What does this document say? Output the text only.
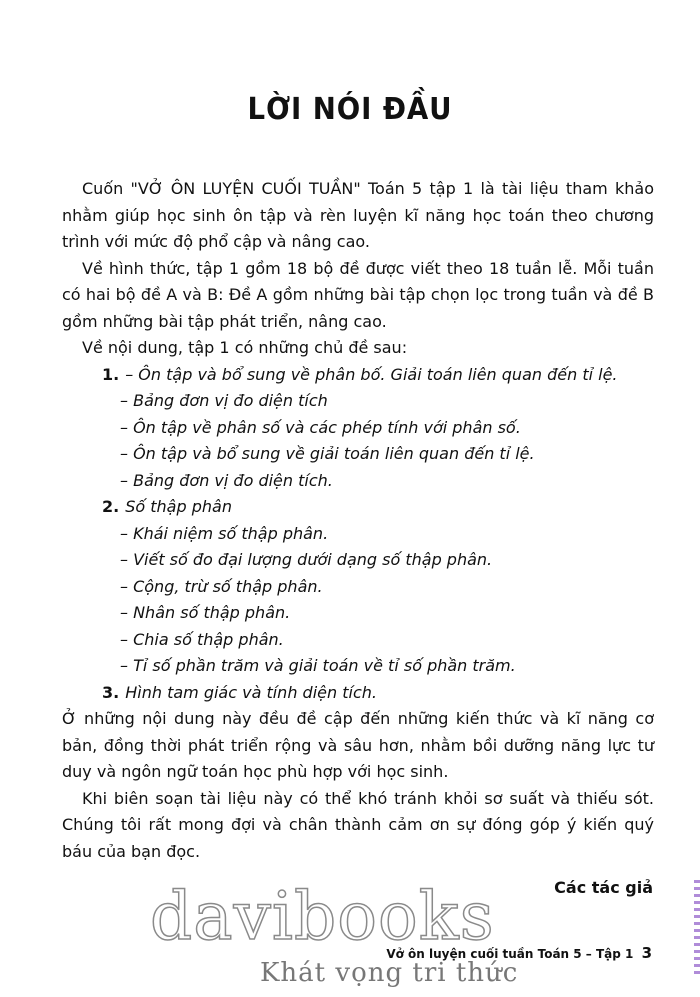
LỜI NÓI ĐẦU

Cuốn "VỞ ÔN LUYỆN CUỐI TUẦN" Toán 5 tập 1 là tài liệu tham khảo nhằm giúp học sinh ôn tập và rèn luyện kĩ năng học toán theo chương trình với mức độ phổ cập và nâng cao.

Về hình thức, tập 1 gồm 18 bộ đề được viết theo 18 tuần lễ. Mỗi tuần có hai bộ đề A và B: Đề A gồm những bài tập chọn lọc trong tuần và đề B gồm những bài tập phát triển, nâng cao.

Về nội dung, tập 1 có những chủ đề sau:

1. – Ôn tập và bổ sung về phân bố. Giải toán liên quan đến tỉ lệ.

– Bảng đơn vị đo diện tích

– Ôn tập về phân số và các phép tính với phân số.

– Ôn tập và bổ sung về giải toán liên quan đến tỉ lệ.

– Bảng đơn vị đo diện tích.

2. Số thập phân

– Khái niệm số thập phân.

– Viết số đo đại lượng dưới dạng số thập phân.

– Cộng, trừ số thập phân.

– Nhân số thập phân.

– Chia số thập phân.

– Tỉ số phần trăm và giải toán về tỉ số phần trăm.

3. Hình tam giác và tính diện tích.

Ở những nội dung này đều đề cập đến những kiến thức và kĩ năng cơ bản, đồng thời phát triển rộng và sâu hơn, nhằm bồi dưỡng năng lực tư duy và ngôn ngữ toán học phù hợp với học sinh.

Khi biên soạn tài liệu này có thể khó tránh khỏi sơ suất và thiếu sót. Chúng tôi rất mong đợi và chân thành cảm ơn sự đóng góp ý kiến quý báu của bạn đọc.

davibooks	Các tác giả
Vở ôn luyện cuối tuần Toán 5 – Tập 1 3
Khát vọng tri thức
